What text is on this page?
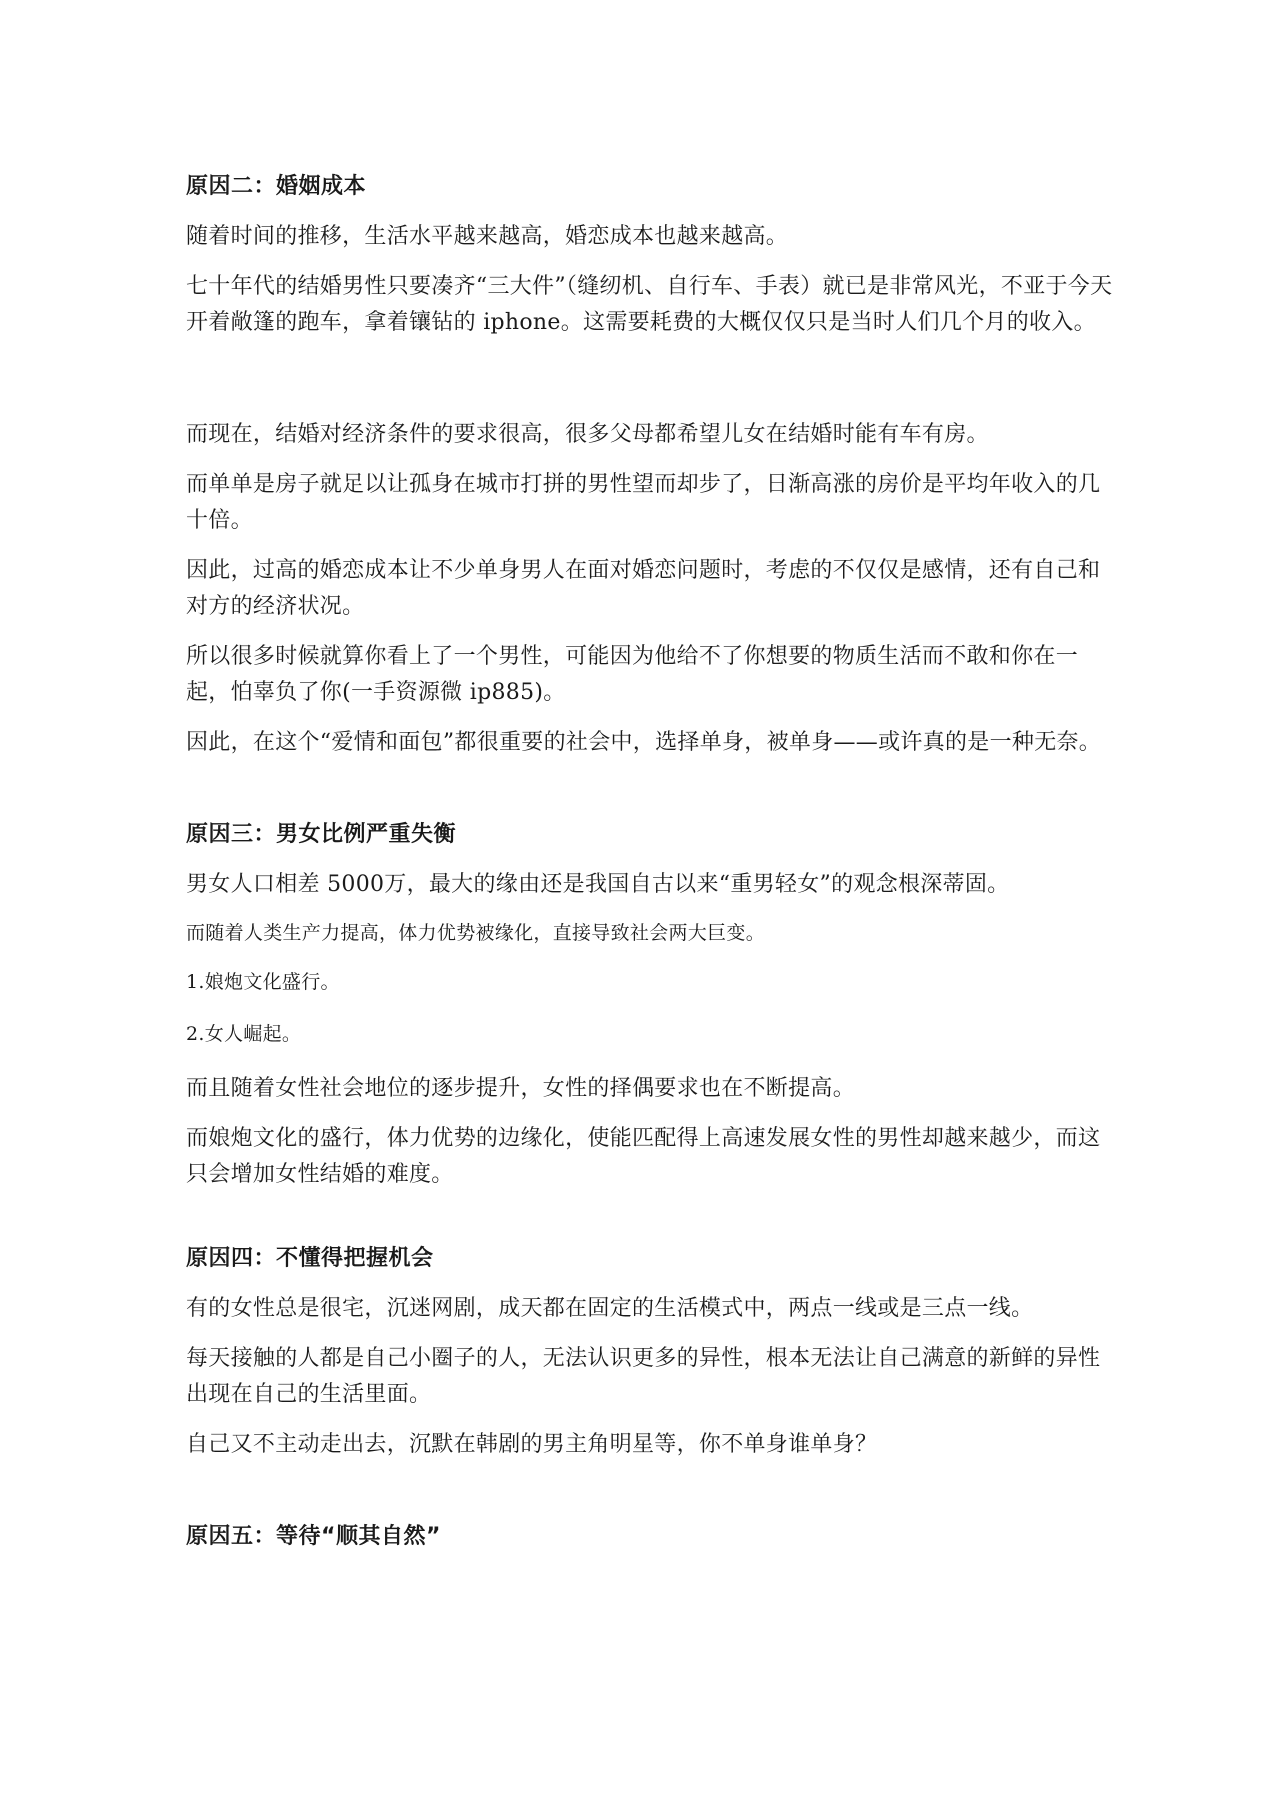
原因二：婚姻成本

随着时间的推移，生活水平越来越高，婚恋成本也越来越高。

七十年代的结婚男性只要凑齐“三大件”（缝纫机、自行车、手表）就已是非常风光，不亚于今天开着敞篷的跑车，拿着镶钻的 iphone。这需要耗费的大概仅仅只是当时人们几个月的收入。

而现在，结婚对经济条件的要求很高，很多父母都希望儿女在结婚时能有车有房。

而单单是房子就足以让孤身在城市打拼的男性望而却步了，日渐高涨的房价是平均年收入的几十倍。

因此，过高的婚恋成本让不少单身男人在面对婚恋问题时，考虑的不仅仅是感情，还有自己和对方的经济状况。

所以很多时候就算你看上了一个男性，可能因为他给不了你想要的物质生活而不敢和你在一起，怕辜负了你(一手资源微 ip885)。

因此，在这个“爱情和面包”都很重要的社会中，选择单身，被单身——或许真的是一种无奈。

原因三：男女比例严重失衡

男女人口相差 5000万，最大的缘由还是我国自古以来“重男轻女”的观念根深蒂固。

而随着人类生产力提高，体力优势被缘化，直接导致社会两大巨变。

1.娘炮文化盛行。

2.女人崛起。

而且随着女性社会地位的逐步提升，女性的择偶要求也在不断提高。

而娘炮文化的盛行，体力优势的边缘化，使能匹配得上高速发展女性的男性却越来越少，而这只会增加女性结婚的难度。

原因四：不懂得把握机会

有的女性总是很宅，沉迷网剧，成天都在固定的生活模式中，两点一线或是三点一线。

每天接触的人都是自己小圈子的人，无法认识更多的异性，根本无法让自己满意的新鲜的异性出现在自己的生活里面。

自己又不主动走出去，沉默在韩剧的男主角明星等，你不单身谁单身？

原因五：等待“顺其自然”
